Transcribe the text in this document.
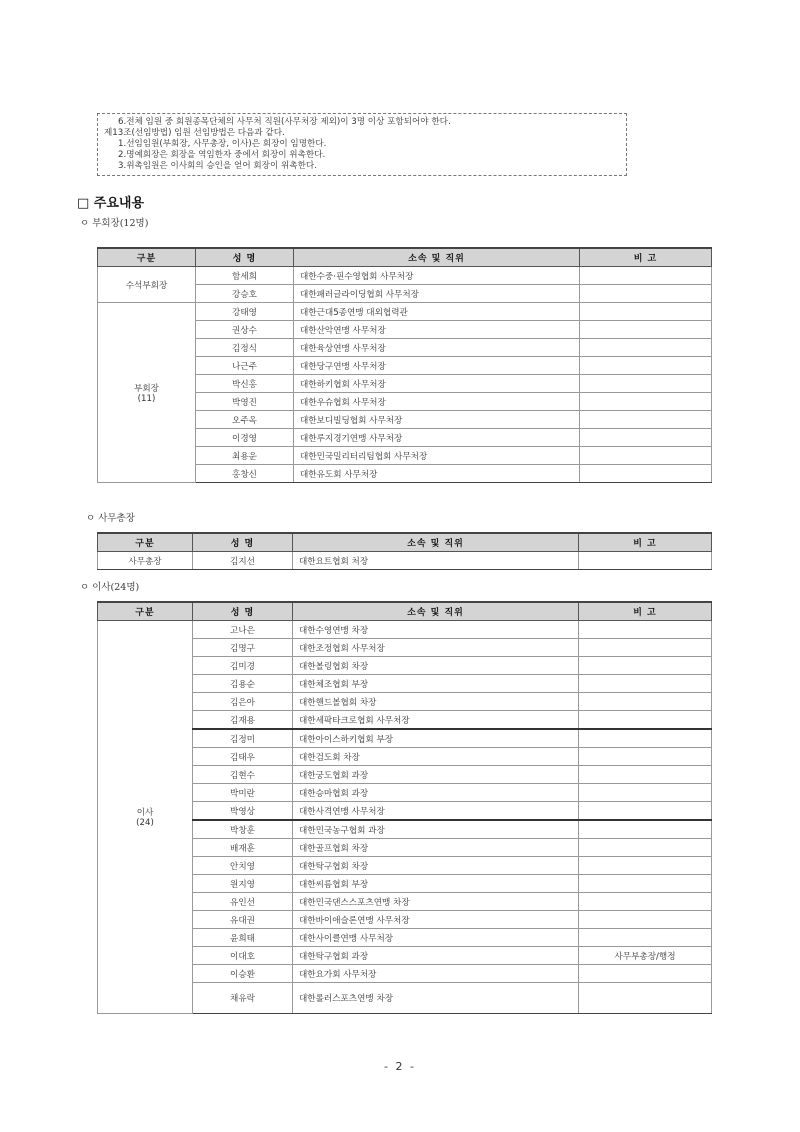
6.전체 임원 중 회원종목단체의 사무처 직원(사무처장 제외)이 3명 이상 포함되어야 한다.
제13조(선임방법) 임원 선임방법은 다음과 같다.
1.선임임원(부회장, 사무총장, 이사)은 회장이 임명한다.
2.명예회장은 회장을 역임한자 중에서 회장이 위촉한다.
3.위촉임원은 이사회의 승인을 얻어 회장이 위촉한다.
□ 주요내용
ㅇ 부회장(12명)
구분	성 명	소속 및 직위	비 고
수석부회장	함세희	대한수중·핀수영협회 사무처장	
	강승호	대한패러글라이딩협회 사무처장	

부회장
(11)	강태영	대한근대5종연맹 대외협력관	
	권상수	대한산악연맹 사무처장	
	김정식	대한육상연맹 사무처장	
	나근주	대한당구연맹 사무처장	
	박신홍	대한하키협회 사무처장	
	박영진	대한우슈협회 사무처장	
	오주옥	대한보디빌딩협회 사무처장	
	이경영	대한루지경기연맹 사무처장	
	최용운	대한민국밀리터리팀협회 사무처장	
	홍창신	대한유도회 사무처장	
ㅇ 사무총장
구분	성 명	소속 및 직위	비 고
사무총장	김지선	대한요트협회 처장	
ㅇ 이사(24명)
구분	성 명	소속 및 직위	비 고

이사
(24)	고나은	대한수영연맹 차장	
	김명구	대한조정협회 사무처장	
	김미경	대한볼링협회 차장	
	김용순	대한체조협회 부장	
	김은아	대한핸드볼협회 차장	
	김재용	대한세팍타크로협회 사무처장	
	김정미	대한아이스하키협회 부장	
	김태우	대한검도회 차장	
	김현수	대한궁도협회 과장	
	박미란	대한승마협회 과장	
	박영상	대한사격연맹 사무처장	
	박창훈	대한민국농구협회 과장	
	배재훈	대한골프협회 차장	
	안치영	대한탁구협회 차장	
	원지영	대한씨름협회 부장	
	유인선	대한민국댄스스포츠연맹 차장	
	유대권	대한바이애슬론연맹 사무처장	
	윤희태	대한사이클연맹 사무처장	
	이대호	대한탁구협회 과장	사무부총장/행정
	이승환	대한요가회 사무처장	
	채유락	대한롤러스포츠연맹 차장	
- 2 -
